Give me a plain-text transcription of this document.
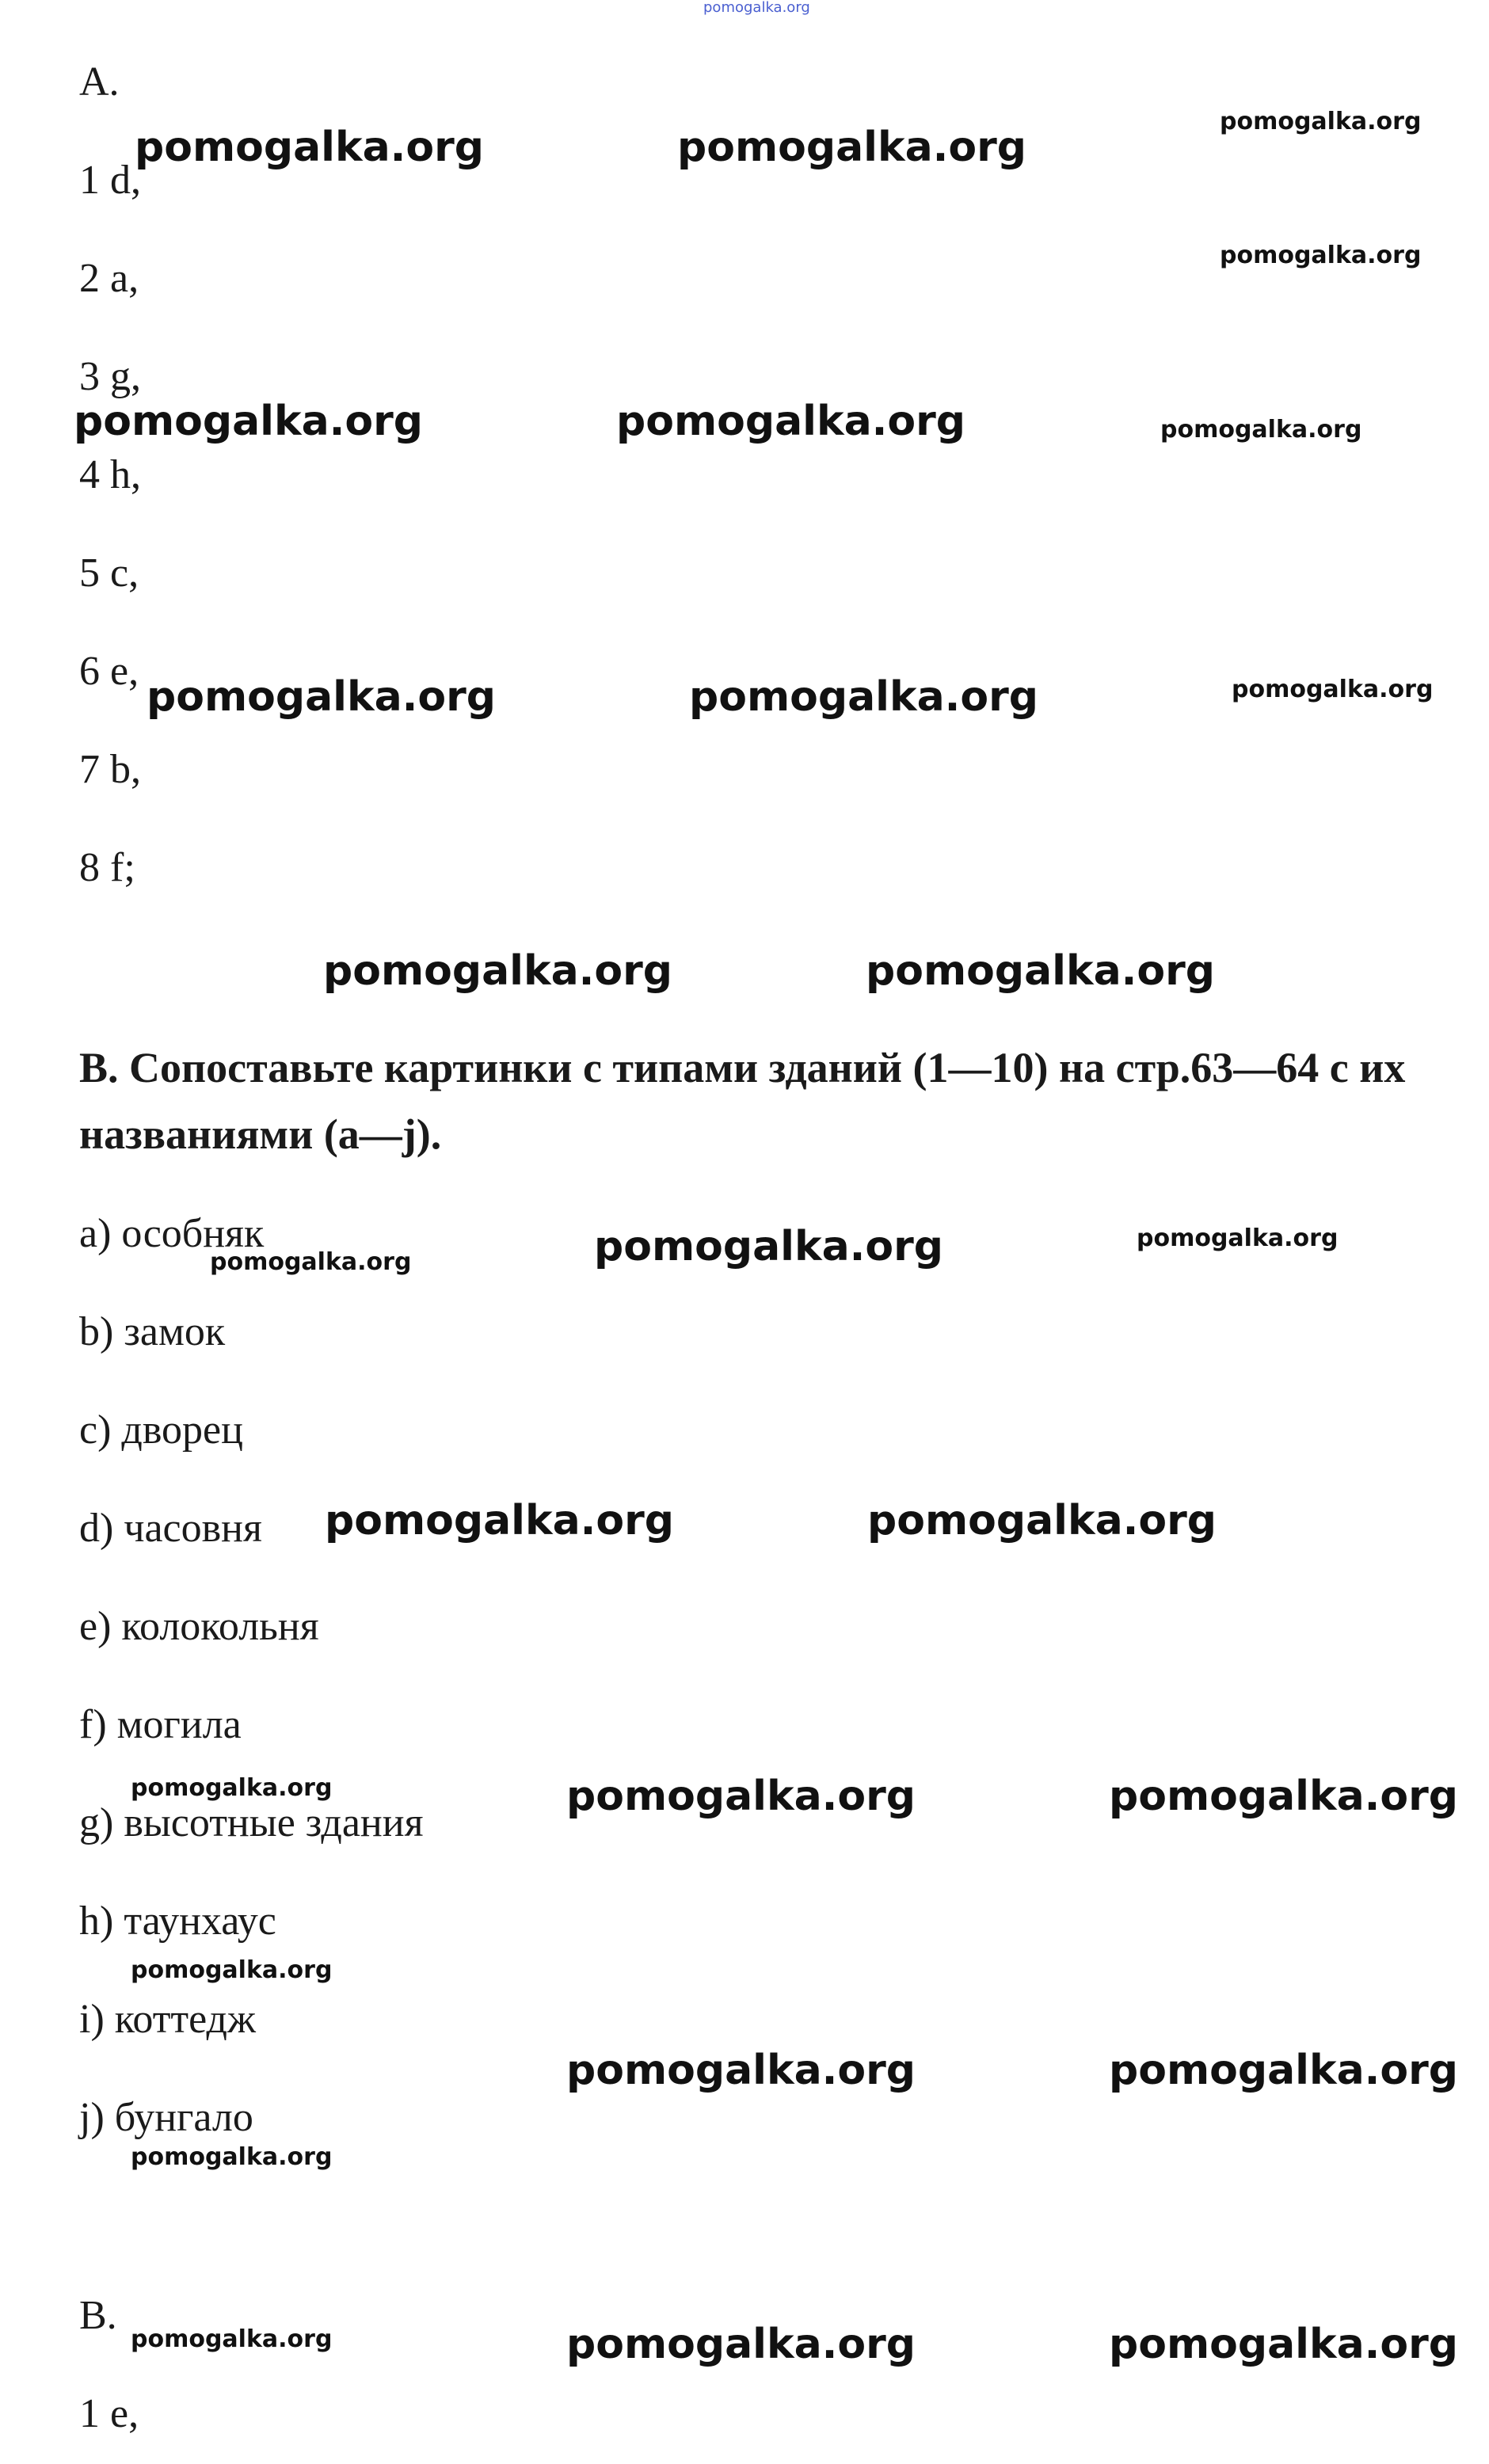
pomogalka.org
A.
1 d,
2 a,
3 g,
4 h,
5 c,
6 e,
7 b,
8 f;
B. Сопоставьте картинки с типами зданий (1—10) на стр.63—64 с их названиями (a—j).
a) особняк
b) замок
c) дворец
d) часовня
e) колокольня
f) могила
g) высотные здания
h) таунхаус
i) коттедж
j) бунгало
B.
1 e,
pomogalka.org	pomogalka.org
pomogalka.org
pomogalka.org
pomogalka.org	pomogalka.org	pomogalka.org
pomogalka.org	pomogalka.org	pomogalka.org
pomogalka.org	pomogalka.org
pomogalka.org	pomogalka.org	pomogalka.org
pomogalka.org	pomogalka.org
pomogalka.org	pomogalka.org	pomogalka.org
pomogalka.org
pomogalka.org	pomogalka.org
pomogalka.org
pomogalka.org	pomogalka.org	pomogalka.org
